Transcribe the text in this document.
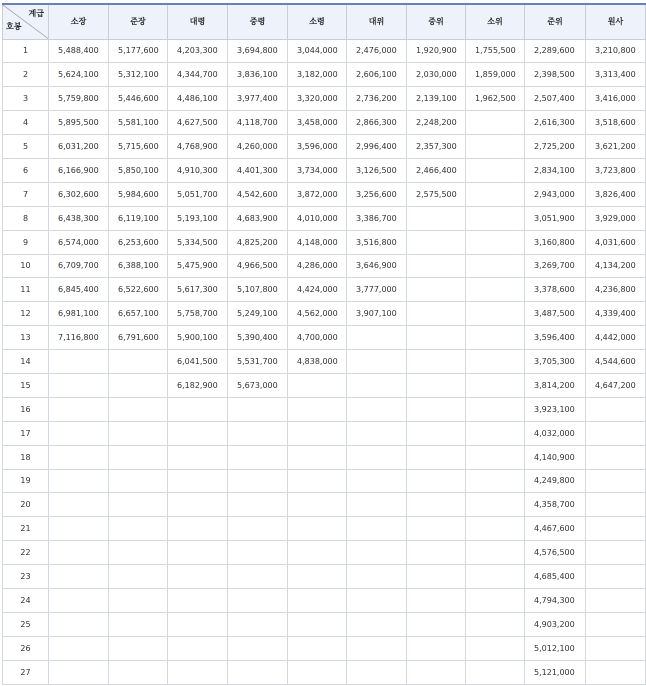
계급
호봉	소장	준장	대령	중령	소령	대위	중위	소위	준위	원사
1	5,488,400	5,177,600	4,203,300	3,694,800	3,044,000	2,476,000	1,920,900	1,755,500	2,289,600	3,210,800
2	5,624,100	5,312,100	4,344,700	3,836,100	3,182,000	2,606,100	2,030,000	1,859,000	2,398,500	3,313,400
3	5,759,800	5,446,600	4,486,100	3,977,400	3,320,000	2,736,200	2,139,100	1,962,500	2,507,400	3,416,000
4	5,895,500	5,581,100	4,627,500	4,118,700	3,458,000	2,866,300	2,248,200		2,616,300	3,518,600
5	6,031,200	5,715,600	4,768,900	4,260,000	3,596,000	2,996,400	2,357,300		2,725,200	3,621,200
6	6,166,900	5,850,100	4,910,300	4,401,300	3,734,000	3,126,500	2,466,400		2,834,100	3,723,800
7	6,302,600	5,984,600	5,051,700	4,542,600	3,872,000	3,256,600	2,575,500		2,943,000	3,826,400
8	6,438,300	6,119,100	5,193,100	4,683,900	4,010,000	3,386,700			3,051,900	3,929,000
9	6,574,000	6,253,600	5,334,500	4,825,200	4,148,000	3,516,800			3,160,800	4,031,600
10	6,709,700	6,388,100	5,475,900	4,966,500	4,286,000	3,646,900			3,269,700	4,134,200
11	6,845,400	6,522,600	5,617,300	5,107,800	4,424,000	3,777,000			3,378,600	4,236,800
12	6,981,100	6,657,100	5,758,700	5,249,100	4,562,000	3,907,100			3,487,500	4,339,400
13	7,116,800	6,791,600	5,900,100	5,390,400	4,700,000				3,596,400	4,442,000
14			6,041,500	5,531,700	4,838,000				3,705,300	4,544,600
15			6,182,900	5,673,000					3,814,200	4,647,200
16									3,923,100	
17									4,032,000	
18									4,140,900	
19									4,249,800	
20									4,358,700	
21									4,467,600	
22									4,576,500	
23									4,685,400	
24									4,794,300	
25									4,903,200	
26									5,012,100	
27									5,121,000	
